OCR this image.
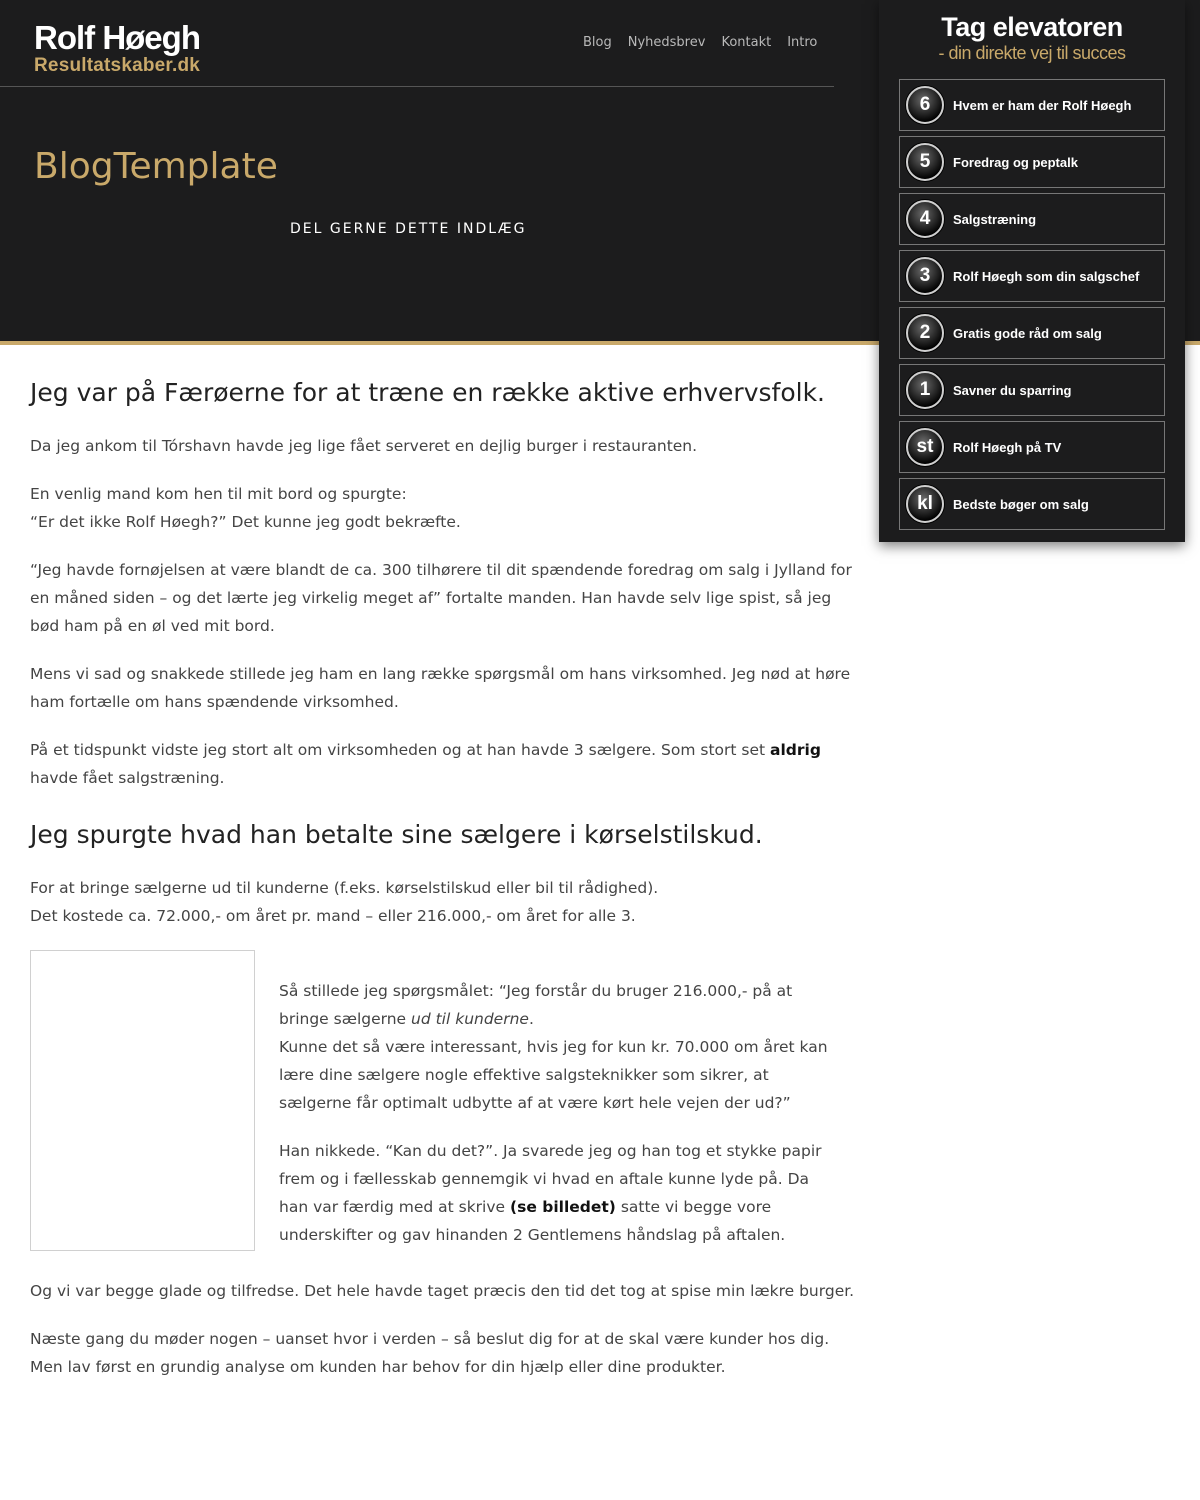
Rolf Høegh
Resultatskaber.dk
Blog Nyhedsbrev Kontakt Intro
BlogTemplate
DEL GERNE DETTE INDLÆG
Jeg var på Færøerne for at træne en række aktive erhvervsfolk.

Da jeg ankom til Tórshavn havde jeg lige fået serveret en dejlig burger i restauranten.

En venlig mand kom hen til mit bord og spurgte:
“Er det ikke Rolf Høegh?” Det kunne jeg godt bekræfte.

“Jeg havde fornøjelsen at være blandt de ca. 300 tilhørere til dit spændende foredrag om salg i Jylland for en måned siden – og det lærte jeg virkelig meget af” fortalte manden. Han havde selv lige spist, så jeg bød ham på en øl ved mit bord.

Mens vi sad og snakkede stillede jeg ham en lang række spørgsmål om hans virksomhed. Jeg nød at høre ham fortælle om hans spændende virksomhed.

På et tidspunkt vidste jeg stort alt om virksomheden og at han havde 3 sælgere. Som stort set aldrig
havde fået salgstræning.

Jeg spurgte hvad han betalte sine sælgere i kørselstilskud.

For at bringe sælgerne ud til kunderne (f.eks. kørselstilskud eller bil til rådighed).
Det kostede ca. 72.000,- om året pr. mand – eller 216.000,- om året for alle 3.

Så stillede jeg spørgsmålet: “Jeg forstår du bruger 216.000,- på at bringe sælgerne ud til kunderne.
Kunne det så være interessant, hvis jeg for kun kr. 70.000 om året kan lære dine sælgere nogle effektive salgsteknikker som sikrer, at sælgerne får optimalt udbytte af at være kørt hele vejen der ud?”

Han nikkede. “Kan du det?”. Ja svarede jeg og han tog et stykke papir frem og i fællesskab gennemgik vi hvad en aftale kunne lyde på. Da han var færdig med at skrive (se billedet) satte vi begge vore underskifter og gav hinanden 2 Gentlemens håndslag på aftalen.

Og vi var begge glade og tilfredse. Det hele havde taget præcis den tid det tog at spise min lækre burger.

Næste gang du møder nogen – uanset hvor i verden – så beslut dig for at de skal være kunder hos dig.
Men lav først en grundig analyse om kunden har behov for din hjælp eller dine produkter.

Tag elevatoren
- din direkte vej til succes
6	Hvem er ham der Rolf Høegh
5	Foredrag og peptalk
4	Salgstræning
3	Rolf Høegh som din salgschef
2	Gratis gode råd om salg
1	Savner du sparring
st	Rolf Høegh på TV
kl	Bedste bøger om salg
